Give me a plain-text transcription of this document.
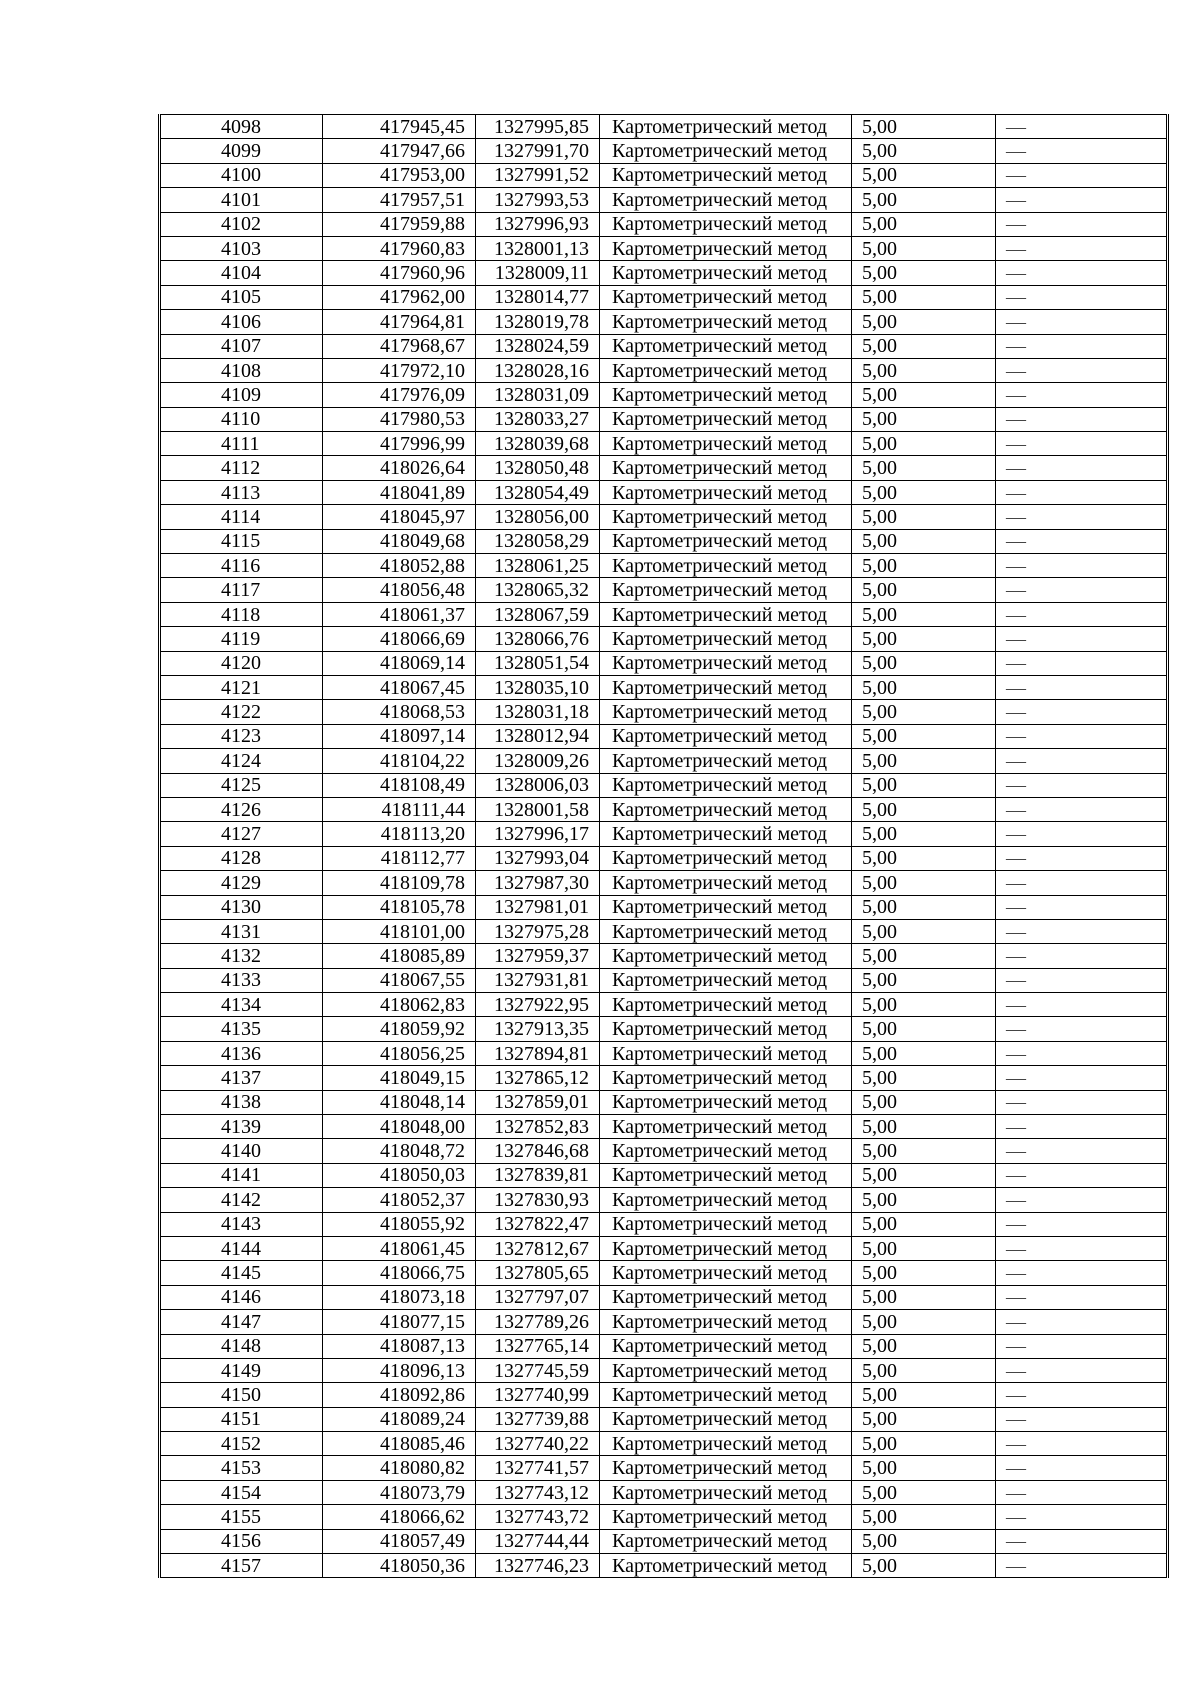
4098	417945,45	1327995,85	Картометрический метод	5,00	—
4099	417947,66	1327991,70	Картометрический метод	5,00	—
4100	417953,00	1327991,52	Картометрический метод	5,00	—
4101	417957,51	1327993,53	Картометрический метод	5,00	—
4102	417959,88	1327996,93	Картометрический метод	5,00	—
4103	417960,83	1328001,13	Картометрический метод	5,00	—
4104	417960,96	1328009,11	Картометрический метод	5,00	—
4105	417962,00	1328014,77	Картометрический метод	5,00	—
4106	417964,81	1328019,78	Картометрический метод	5,00	—
4107	417968,67	1328024,59	Картометрический метод	5,00	—
4108	417972,10	1328028,16	Картометрический метод	5,00	—
4109	417976,09	1328031,09	Картометрический метод	5,00	—
4110	417980,53	1328033,27	Картометрический метод	5,00	—
4111	417996,99	1328039,68	Картометрический метод	5,00	—
4112	418026,64	1328050,48	Картометрический метод	5,00	—
4113	418041,89	1328054,49	Картометрический метод	5,00	—
4114	418045,97	1328056,00	Картометрический метод	5,00	—
4115	418049,68	1328058,29	Картометрический метод	5,00	—
4116	418052,88	1328061,25	Картометрический метод	5,00	—
4117	418056,48	1328065,32	Картометрический метод	5,00	—
4118	418061,37	1328067,59	Картометрический метод	5,00	—
4119	418066,69	1328066,76	Картометрический метод	5,00	—
4120	418069,14	1328051,54	Картометрический метод	5,00	—
4121	418067,45	1328035,10	Картометрический метод	5,00	—
4122	418068,53	1328031,18	Картометрический метод	5,00	—
4123	418097,14	1328012,94	Картометрический метод	5,00	—
4124	418104,22	1328009,26	Картометрический метод	5,00	—
4125	418108,49	1328006,03	Картометрический метод	5,00	—
4126	418111,44	1328001,58	Картометрический метод	5,00	—
4127	418113,20	1327996,17	Картометрический метод	5,00	—
4128	418112,77	1327993,04	Картометрический метод	5,00	—
4129	418109,78	1327987,30	Картометрический метод	5,00	—
4130	418105,78	1327981,01	Картометрический метод	5,00	—
4131	418101,00	1327975,28	Картометрический метод	5,00	—
4132	418085,89	1327959,37	Картометрический метод	5,00	—
4133	418067,55	1327931,81	Картометрический метод	5,00	—
4134	418062,83	1327922,95	Картометрический метод	5,00	—
4135	418059,92	1327913,35	Картометрический метод	5,00	—
4136	418056,25	1327894,81	Картометрический метод	5,00	—
4137	418049,15	1327865,12	Картометрический метод	5,00	—
4138	418048,14	1327859,01	Картометрический метод	5,00	—
4139	418048,00	1327852,83	Картометрический метод	5,00	—
4140	418048,72	1327846,68	Картометрический метод	5,00	—
4141	418050,03	1327839,81	Картометрический метод	5,00	—
4142	418052,37	1327830,93	Картометрический метод	5,00	—
4143	418055,92	1327822,47	Картометрический метод	5,00	—
4144	418061,45	1327812,67	Картометрический метод	5,00	—
4145	418066,75	1327805,65	Картометрический метод	5,00	—
4146	418073,18	1327797,07	Картометрический метод	5,00	—
4147	418077,15	1327789,26	Картометрический метод	5,00	—
4148	418087,13	1327765,14	Картометрический метод	5,00	—
4149	418096,13	1327745,59	Картометрический метод	5,00	—
4150	418092,86	1327740,99	Картометрический метод	5,00	—
4151	418089,24	1327739,88	Картометрический метод	5,00	—
4152	418085,46	1327740,22	Картометрический метод	5,00	—
4153	418080,82	1327741,57	Картометрический метод	5,00	—
4154	418073,79	1327743,12	Картометрический метод	5,00	—
4155	418066,62	1327743,72	Картометрический метод	5,00	—
4156	418057,49	1327744,44	Картометрический метод	5,00	—
4157	418050,36	1327746,23	Картометрический метод	5,00	—
